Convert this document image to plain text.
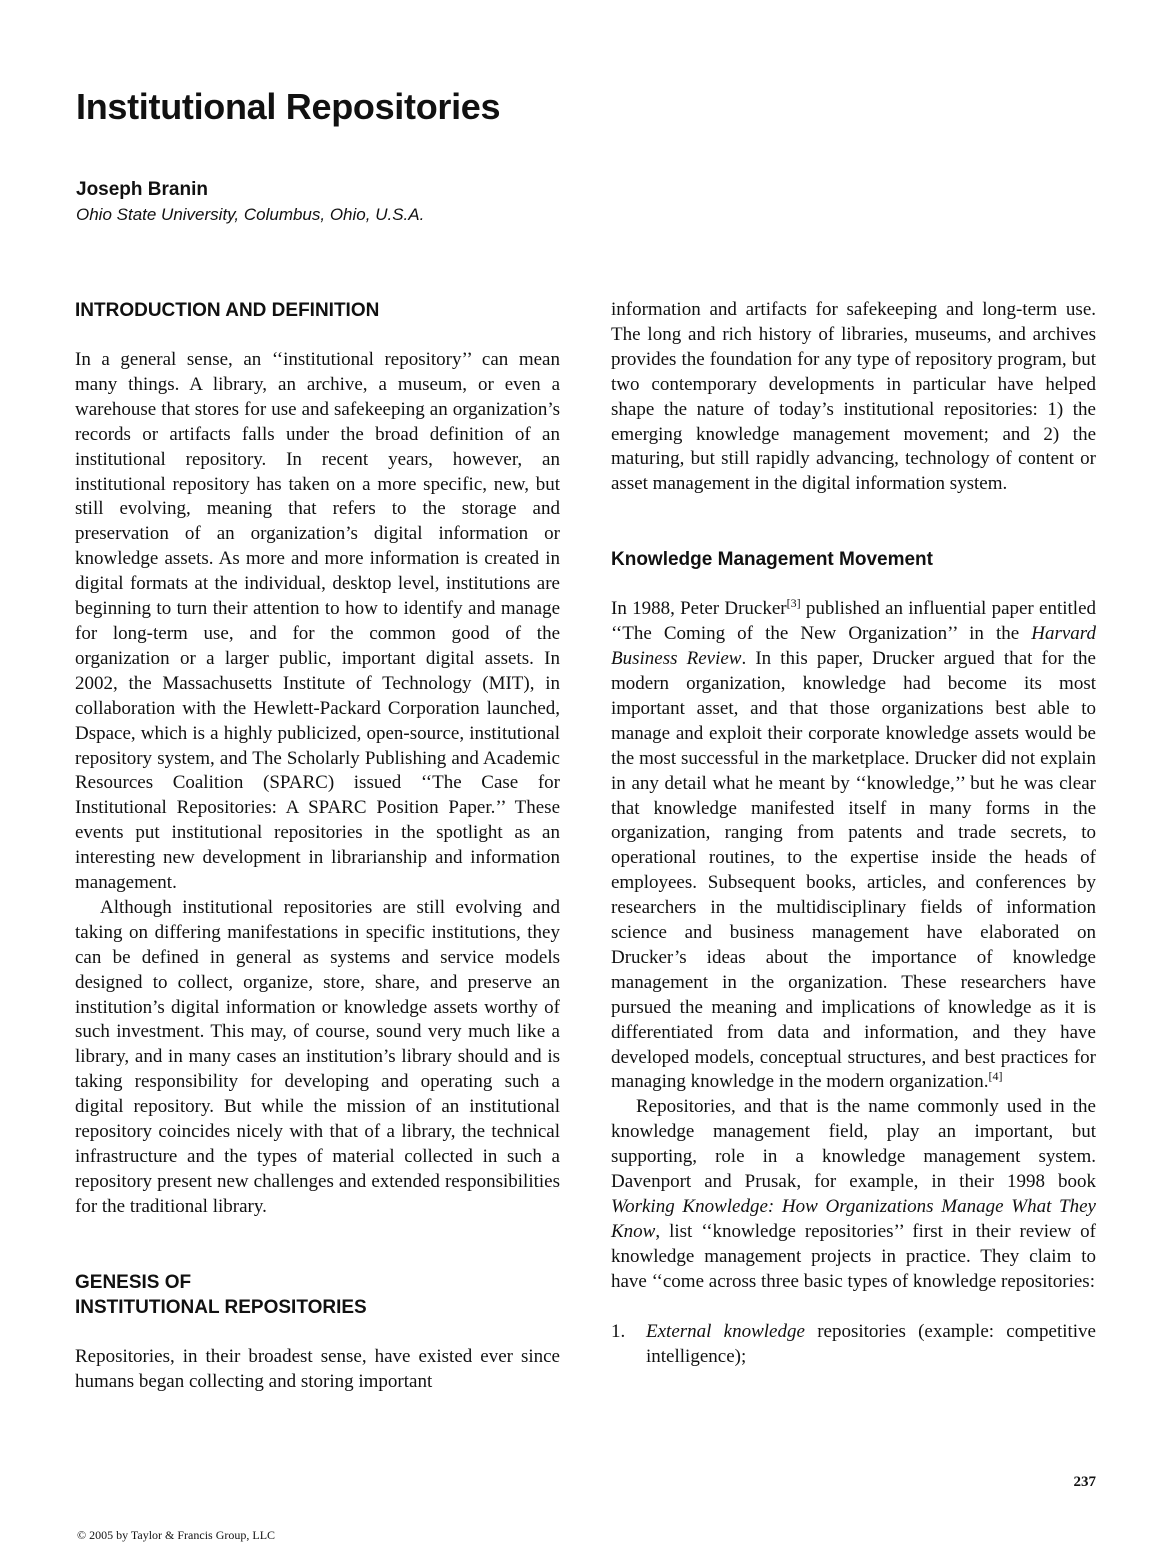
Institutional Repositories
Joseph Branin
Ohio State University, Columbus, Ohio, U.S.A.
INTRODUCTION AND DEFINITION

In a general sense, an ‘‘institutional repository’’ can mean many things. A library, an archive, a museum, or even a warehouse that stores for use and safekeeping an organization’s records or artifacts falls under the broad definition of an institutional repository. In recent years, however, an institutional repository has taken on a more specific, new, but still evolving, meaning that refers to the storage and preservation of an organization’s digital information or knowledge assets. As more and more information is created in digital formats at the individual, desktop level, institutions are beginning to turn their attention to how to identify and manage for long-term use, and for the common good of the organization or a larger public, important digital assets. In 2002, the Massachusetts Institute of Technology (MIT), in collaboration with the Hewlett-Packard Corporation launched, Dspace, which is a highly publicized, open-source, institutional repository system, and The Scholarly Publishing and Academic Resources Coalition (SPARC) issued ‘‘The Case for Institutional Repositories: A SPARC Position Paper.’’ These events put institutional repositories in the spotlight as an interesting new development in librarianship and information management.

Although institutional repositories are still evolving and taking on differing manifestations in specific institutions, they can be defined in general as systems and service models designed to collect, organize, store, share, and preserve an institution’s digital information or knowledge assets worthy of such investment. This may, of course, sound very much like a library, and in many cases an institution’s library should and is taking responsibility for developing and operating such a digital repository. But while the mission of an institutional repository coincides nicely with that of a library, the technical infrastructure and the types of material collected in such a repository present new challenges and extended responsibilities for the traditional library.

GENESIS OF
INSTITUTIONAL REPOSITORIES

Repositories, in their broadest sense, have existed ever since humans began collecting and storing important

information and artifacts for safekeeping and long-term use. The long and rich history of libraries, museums, and archives provides the foundation for any type of repository program, but two contemporary developments in particular have helped shape the nature of today’s institutional repositories: 1) the emerging knowledge management movement; and 2) the maturing, but still rapidly advancing, technology of content or asset management in the digital information system.

Knowledge Management Movement

In 1988, Peter Drucker[3] published an influential paper entitled ‘‘The Coming of the New Organization’’ in the Harvard Business Review. In this paper, Drucker argued that for the modern organization, knowledge had become its most important asset, and that those organizations best able to manage and exploit their corporate knowledge assets would be the most successful in the marketplace. Drucker did not explain in any detail what he meant by ‘‘knowledge,’’ but he was clear that knowledge manifested itself in many forms in the organization, ranging from patents and trade secrets, to operational routines, to the expertise inside the heads of employees. Subsequent books, articles, and conferences by researchers in the multidisciplinary fields of information science and business management have elaborated on Drucker’s ideas about the importance of knowledge management in the organization. These researchers have pursued the meaning and implications of knowledge as it is differentiated from data and information, and they have developed models, conceptual structures, and best practices for managing knowledge in the modern organization.[4]

Repositories, and that is the name commonly used in the knowledge management field, play an important, but supporting, role in a knowledge management system. Davenport and Prusak, for example, in their 1998 book Working Knowledge: How Organizations Manage What They Know, list ‘‘knowledge repositories’’ first in their review of knowledge management projects in practice. They claim to have ‘‘come across three basic types of knowledge repositories:

1.	External knowledge repositories (example: competitive intelligence);
237
© 2005 by Taylor & Francis Group, LLC
